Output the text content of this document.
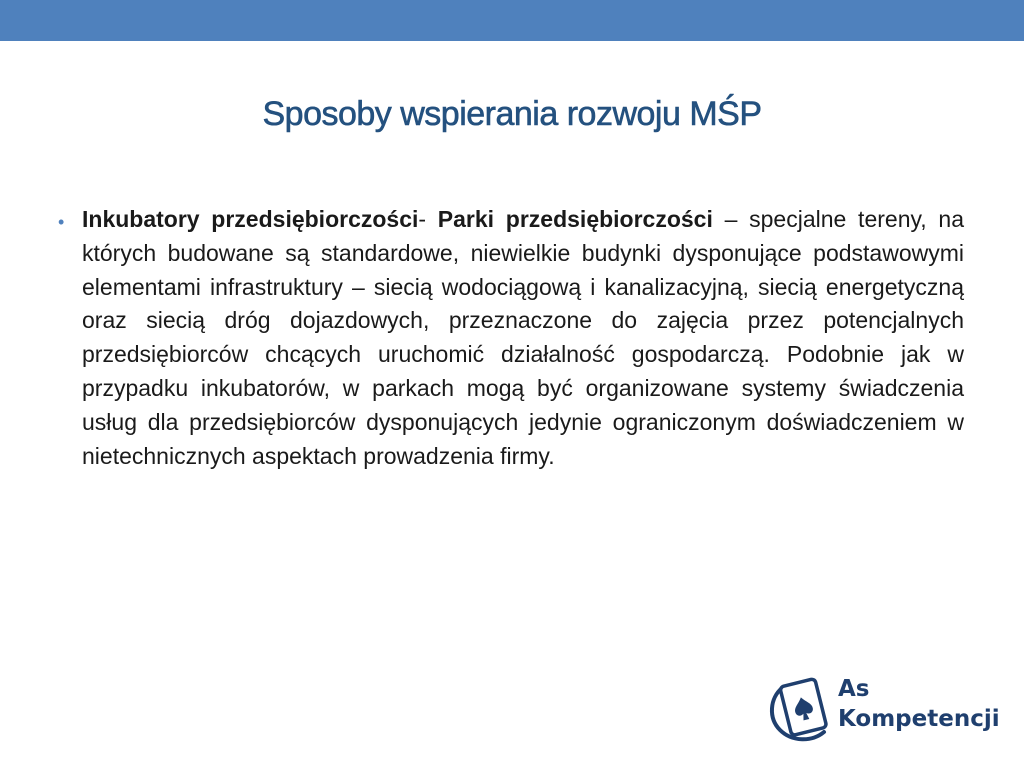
Sposoby wspierania rozwoju MŚP
• Inkubatory przedsiębiorczości- Parki przedsiębiorczości – specjalne tereny, na których budowane są standardowe, niewielkie budynki dysponujące podstawowymi elementami infrastruktury – siecią wodociągową i kanalizacyjną, siecią energetyczną oraz siecią dróg dojazdowych, przeznaczone do zajęcia przez potencjalnych przedsiębiorców chcących uruchomić działalność gospodarczą. Podobnie jak w przypadku inkubatorów, w parkach mogą być organizowane systemy świadczenia usług dla przedsiębiorców dysponujących jedynie ograniczonym doświadczeniem w nietechnicznych aspektach prowadzenia firmy.
As
Kompetencji
